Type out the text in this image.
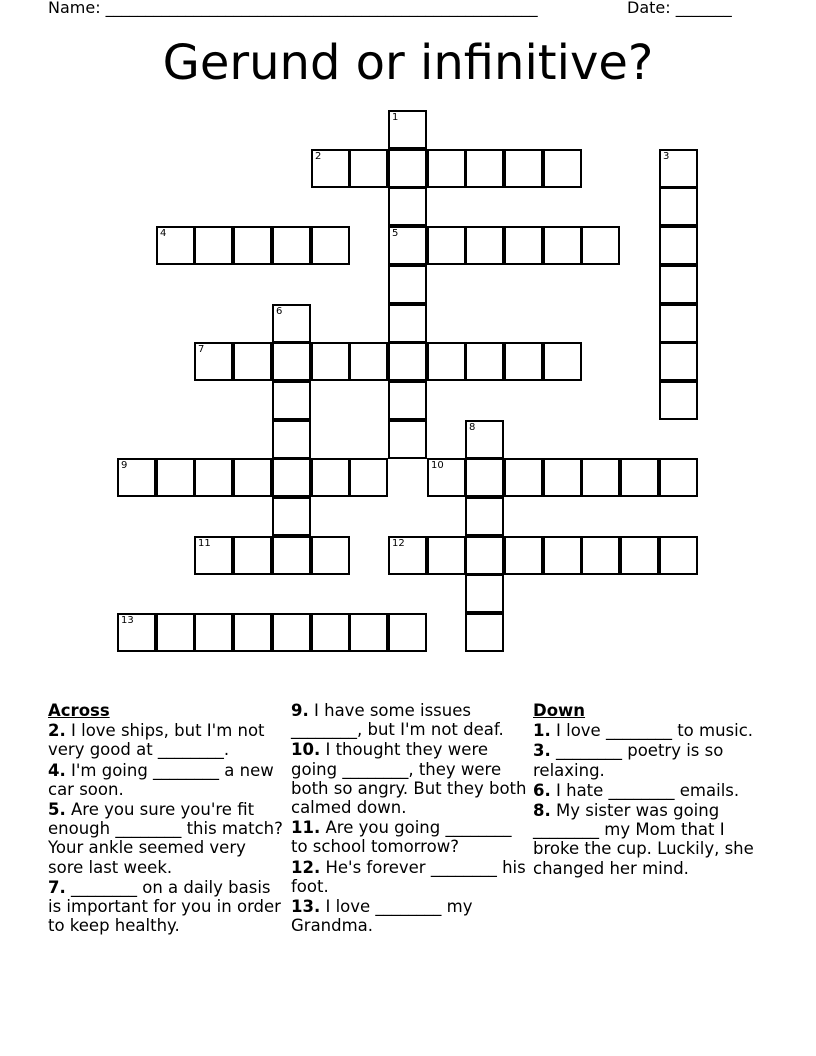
Name: ______________________________________________________	Date: _______
Gerund or infinitive?
1
5
2	3
4
6
7
8
9	10
11	12
13
Across
2. I love ships, but I'm not very good at ________.
4. I'm going ________ a new car soon.
5. Are you sure you're fit enough ________ this match? Your ankle seemed very sore last week.
7. ________ on a daily basis is important for you in order to keep healthy.
9. I have some issues ________, but I'm not deaf.
10. I thought they were going ________, they were both so angry. But they both calmed down.
11. Are you going ________ to school tomorrow?
12. He's forever ________ his foot.
13. I love ________ my Grandma.
Down
1. I love ________ to music.
3. ________ poetry is so relaxing.
6. I hate ________ emails.
8. My sister was going ________ my Mom that I broke the cup. Luckily, she changed her mind.
